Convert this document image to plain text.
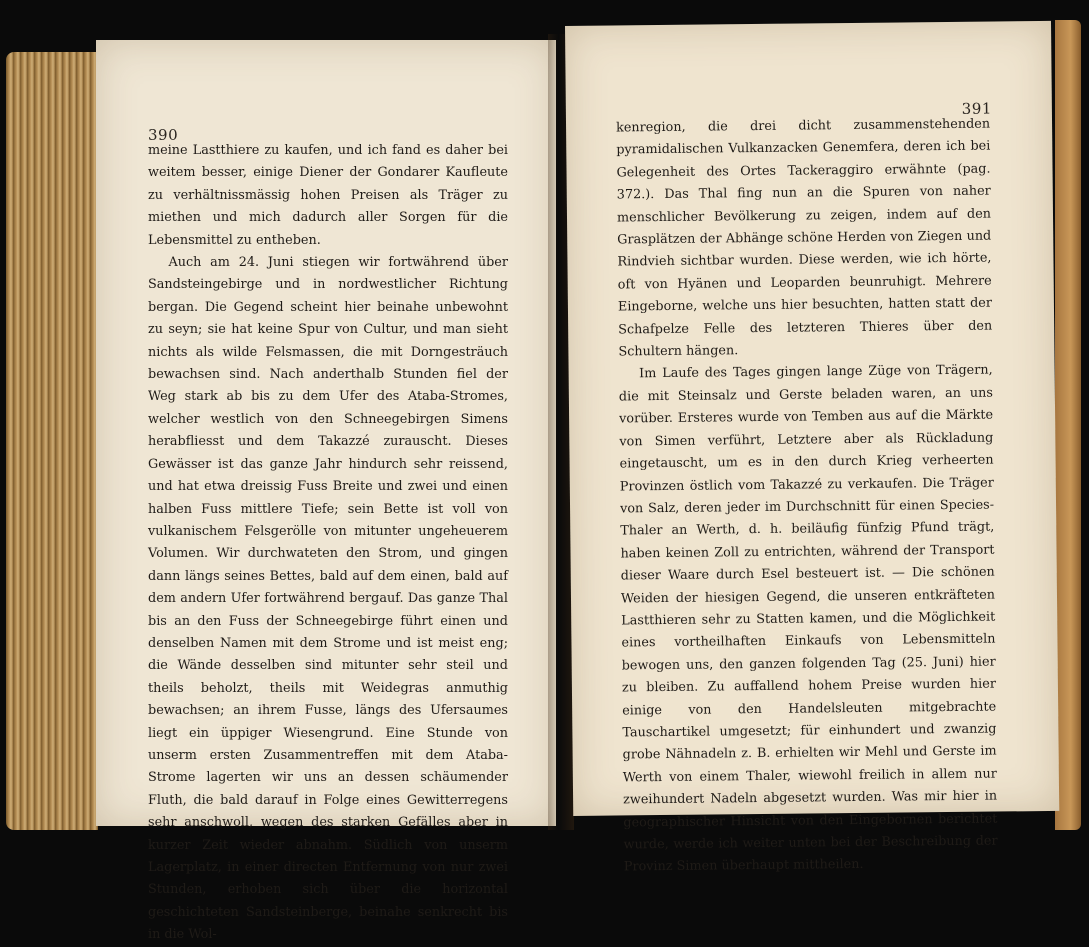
390

meine Lastthiere zu kaufen, und ich fand es daher bei weitem besser, einige Diener der Gondarer Kaufleute zu verhältnissmässig hohen Preisen als Träger zu miethen und mich dadurch aller Sorgen für die Lebensmittel zu entheben.

Auch am 24. Juni stiegen wir fortwährend über Sandsteingebirge und in nordwestlicher Richtung bergan. Die Gegend scheint hier beinahe unbewohnt zu seyn; sie hat keine Spur von Cultur, und man sieht nichts als wilde Felsmassen, die mit Dorngesträuch bewachsen sind. Nach anderthalb Stunden fiel der Weg stark ab bis zu dem Ufer des Ataba-Stromes, welcher westlich von den Schneegebirgen Simens herabfliesst und dem Takazzé zurauscht. Dieses Gewässer ist das ganze Jahr hindurch sehr reissend, und hat etwa dreissig Fuss Breite und zwei und einen halben Fuss mittlere Tiefe; sein Bette ist voll von vulkanischem Felsgerölle von mitunter ungeheuerem Volumen. Wir durchwateten den Strom, und gingen dann längs seines Bettes, bald auf dem einen, bald auf dem andern Ufer fortwährend bergauf. Das ganze Thal bis an den Fuss der Schneegebirge führt einen und denselben Namen mit dem Strome und ist meist eng; die Wände desselben sind mitunter sehr steil und theils beholzt, theils mit Weidegras anmuthig bewachsen; an ihrem Fusse, längs des Ufersaumes liegt ein üppiger Wiesengrund. Eine Stunde von unserm ersten Zusammentreffen mit dem Ataba-Strome lagerten wir uns an dessen schäumender Fluth, die bald darauf in Folge eines Gewitterregens sehr anschwoll, wegen des starken Gefälles aber in kurzer Zeit wieder abnahm. Südlich von unserm Lagerplatz, in einer directen Entfernung von nur zwei Stunden, erhoben sich über die horizontal geschichteten Sandsteinberge, beinahe senkrecht bis in die Wol-

391

kenregion, die drei dicht zusammenstehenden pyramidalischen Vulkanzacken Genemfera, deren ich bei Gelegenheit des Ortes Tackeraggiro erwähnte (pag. 372.). Das Thal fing nun an die Spuren von naher menschlicher Bevölkerung zu zeigen, indem auf den Grasplätzen der Abhänge schöne Herden von Ziegen und Rindvieh sichtbar wurden. Diese werden, wie ich hörte, oft von Hyänen und Leoparden beunruhigt. Mehrere Eingeborne, welche uns hier besuchten, hatten statt der Schafpelze Felle des letzteren Thieres über den Schultern hängen.

Im Laufe des Tages gingen lange Züge von Trägern, die mit Steinsalz und Gerste beladen waren, an uns vorüber. Ersteres wurde von Temben aus auf die Märkte von Simen verführt, Letztere aber als Rückladung eingetauscht, um es in den durch Krieg verheerten Provinzen östlich vom Takazzé zu verkaufen. Die Träger von Salz, deren jeder im Durchschnitt für einen Species-Thaler an Werth, d. h. beiläufig fünfzig Pfund trägt, haben keinen Zoll zu entrichten, während der Transport dieser Waare durch Esel besteuert ist. — Die schönen Weiden der hiesigen Gegend, die unseren entkräfteten Lastthieren sehr zu Statten kamen, und die Möglichkeit eines vortheilhaften Einkaufs von Lebensmitteln bewogen uns, den ganzen folgenden Tag (25. Juni) hier zu bleiben. Zu auffallend hohem Preise wurden hier einige von den Handelsleuten mitgebrachte Tauschartikel umgesetzt; für einhundert und zwanzig grobe Nähnadeln z. B. erhielten wir Mehl und Gerste im Werth von einem Thaler, wiewohl freilich in allem nur zweihundert Nadeln abgesetzt wurden. Was mir hier in geographischer Hinsicht von den Eingebornen berichtet wurde, werde ich weiter unten bei der Beschreibung der Provinz Simen überhaupt mittheilen.
